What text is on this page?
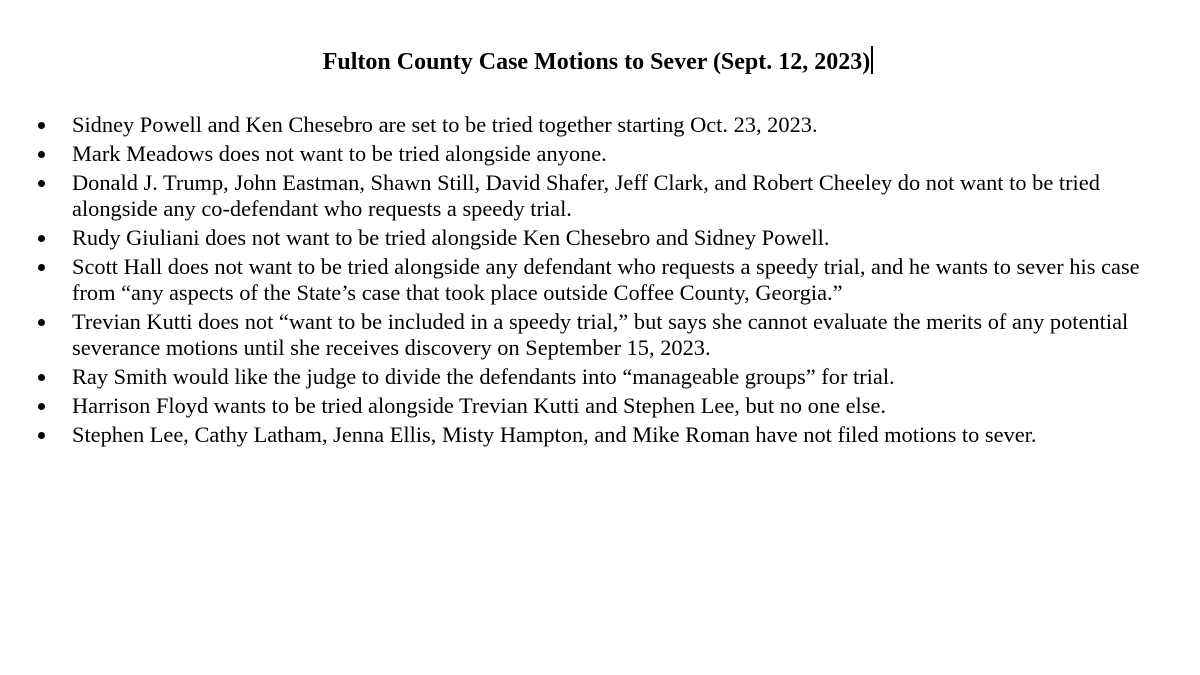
Fulton County Case Motions to Sever (Sept. 12, 2023)
Sidney Powell and Ken Chesebro are set to be tried together starting Oct. 23, 2023.
Mark Meadows does not want to be tried alongside anyone.
Donald J. Trump, John Eastman, Shawn Still, David Shafer, Jeff Clark, and Robert Cheeley do not want to be tried alongside any co-defendant who requests a speedy trial.
Rudy Giuliani does not want to be tried alongside Ken Chesebro and Sidney Powell.
Scott Hall does not want to be tried alongside any defendant who requests a speedy trial, and he wants to sever his case from “any aspects of the State’s case that took place outside Coffee County, Georgia.”
Trevian Kutti does not “want to be included in a speedy trial,” but says she cannot evaluate the merits of any potential severance motions until she receives discovery on September 15, 2023.
Ray Smith would like the judge to divide the defendants into “manageable groups” for trial.
Harrison Floyd wants to be tried alongside Trevian Kutti and Stephen Lee, but no one else.
Stephen Lee, Cathy Latham, Jenna Ellis, Misty Hampton, and Mike Roman have not filed motions to sever.
